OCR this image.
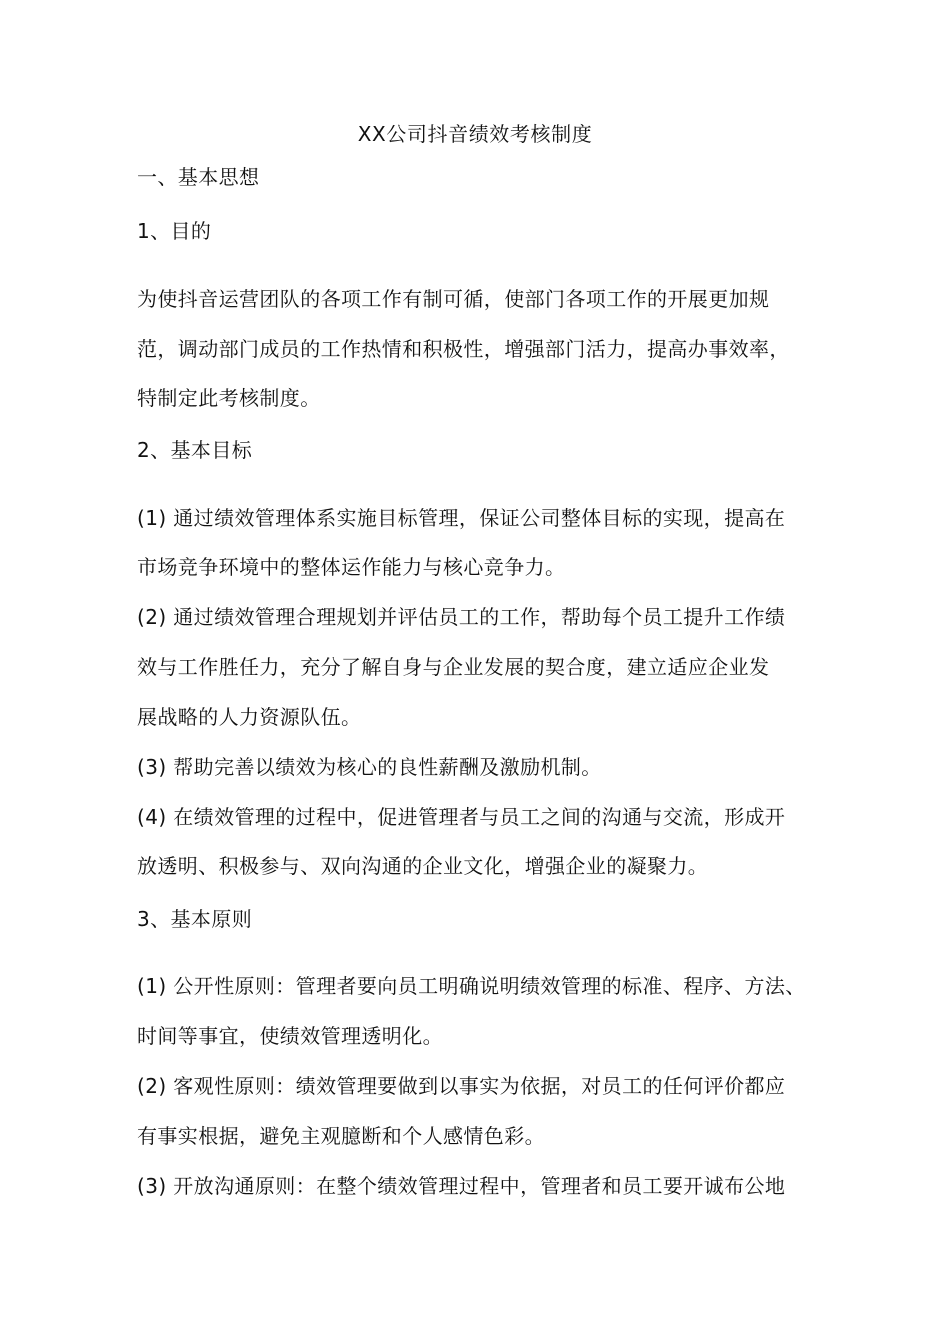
XX公司抖音绩效考核制度
一、基本思想
1、目的
为使抖音运营团队的各项工作有制可循，使部门各项工作的开展更加规
范，调动部门成员的工作热情和积极性，增强部门活力，提高办事效率，
特制定此考核制度。
2、基本目标
(1) 通过绩效管理体系实施目标管理，保证公司整体目标的实现，提高在
市场竞争环境中的整体运作能力与核心竞争力。
(2) 通过绩效管理合理规划并评估员工的工作，帮助每个员工提升工作绩
效与工作胜任力，充分了解自身与企业发展的契合度，建立适应企业发
展战略的人力资源队伍。
(3) 帮助完善以绩效为核心的良性薪酬及激励机制。
(4) 在绩效管理的过程中，促进管理者与员工之间的沟通与交流，形成开
放透明、积极参与、双向沟通的企业文化，增强企业的凝聚力。
3、基本原则
(1) 公开性原则：管理者要向员工明确说明绩效管理的标准、程序、方法、
时间等事宜，使绩效管理透明化。
(2) 客观性原则：绩效管理要做到以事实为依据，对员工的任何评价都应
有事实根据，避免主观臆断和个人感情色彩。
(3) 开放沟通原则：在整个绩效管理过程中，管理者和员工要开诚布公地
